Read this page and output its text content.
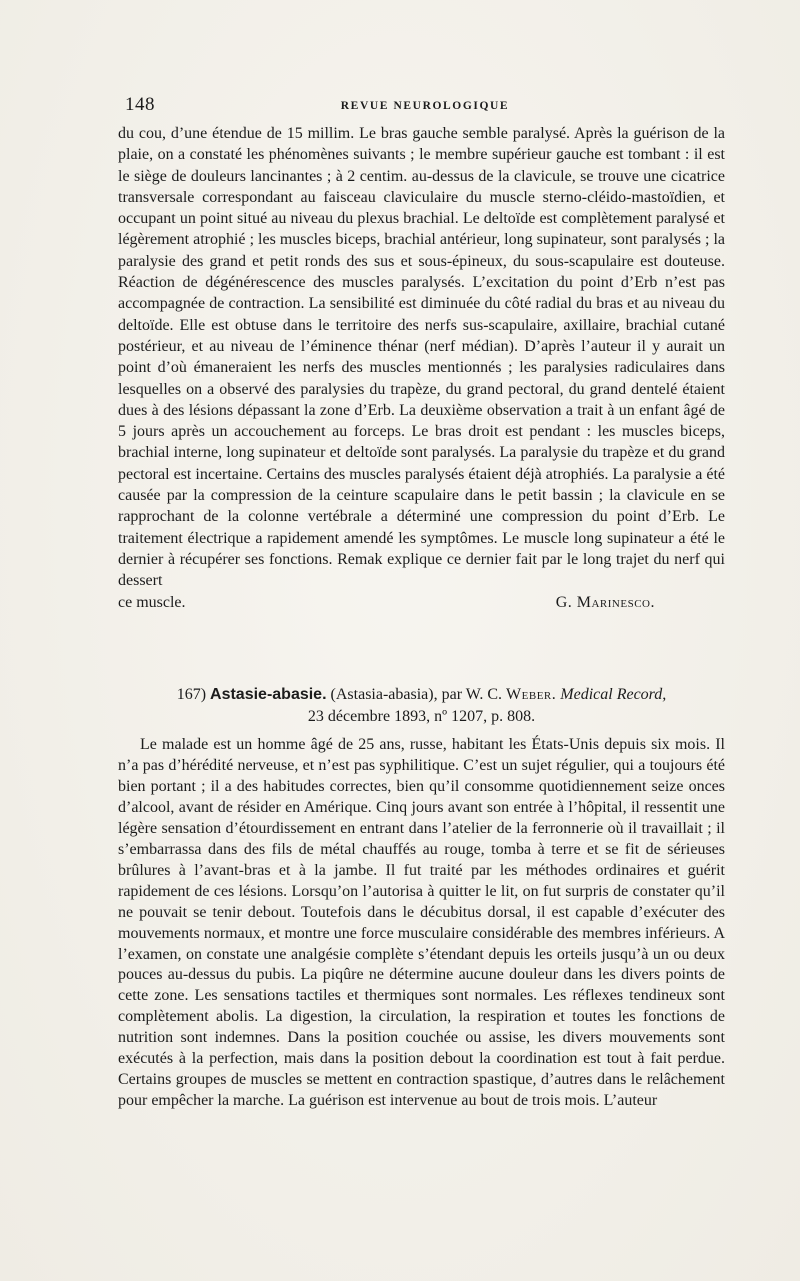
148	REVUE NEUROLOGIQUE

du cou, d’une étendue de 15 millim. Le bras gauche semble paralysé. Après la guérison de la plaie, on a constaté les phénomènes suivants ; le membre supérieur gauche est tombant : il est le siège de douleurs lancinantes ; à 2 centim. au-dessus de la clavicule, se trouve une cicatrice transversale correspondant au faisceau claviculaire du muscle sterno-cléido-mastoïdien, et occupant un point situé au niveau du plexus brachial. Le deltoïde est complètement paralysé et légèrement atrophié ; les muscles biceps, brachial antérieur, long supinateur, sont paralysés ; la paralysie des grand et petit ronds des sus et sous-épineux, du sous-scapulaire est douteuse. Réaction de dégénérescence des muscles paralysés. L’excitation du point d’Erb n’est pas accompagnée de contraction. La sensibilité est diminuée du côté radial du bras et au niveau du deltoïde. Elle est obtuse dans le territoire des nerfs sus-scapulaire, axillaire, brachial cutané postérieur, et au niveau de l’éminence thénar (nerf médian). D’après l’auteur il y aurait un point d’où émaneraient les nerfs des muscles mentionnés ; les paralysies radiculaires dans lesquelles on a observé des paralysies du trapèze, du grand pectoral, du grand dentelé étaient dues à des lésions dépassant la zone d’Erb. La deuxième observation a trait à un enfant âgé de 5 jours après un accouchement au forceps. Le bras droit est pendant : les muscles biceps, brachial interne, long supinateur et deltoïde sont paralysés. La paralysie du trapèze et du grand pectoral est incertaine. Certains des muscles paralysés étaient déjà atrophiés. La paralysie a été causée par la compression de la ceinture scapulaire dans le petit bassin ; la clavicule en se rapprochant de la colonne vertébrale a déterminé une compression du point d’Erb. Le traitement électrique a rapidement amendé les symptômes. Le muscle long supinateur a été le dernier à récupérer ses fonctions. Remak explique ce dernier fait par le long trajet du nerf qui dessert

ce muscle.	G. Marinesco.
167) Astasie-abasie. (Astasia-abasia), par W. C. Weber. Medical Record,
23 décembre 1893, nº 1207, p. 808.

Le malade est un homme âgé de 25 ans, russe, habitant les États-Unis depuis six mois. Il n’a pas d’hérédité nerveuse, et n’est pas syphilitique. C’est un sujet régulier, qui a toujours été bien portant ; il a des habitudes correctes, bien qu’il consomme quotidiennement seize onces d’alcool, avant de résider en Amérique. Cinq jours avant son entrée à l’hôpital, il ressentit une légère sensation d’étourdissement en entrant dans l’atelier de la ferronnerie où il travaillait ; il s’embarrassa dans des fils de métal chauffés au rouge, tomba à terre et se fit de sérieuses brûlures à l’avant-bras et à la jambe. Il fut traité par les méthodes ordinaires et guérit rapidement de ces lésions. Lorsqu’on l’autorisa à quitter le lit, on fut surpris de constater qu’il ne pouvait se tenir debout. Toutefois dans le décubitus dorsal, il est capable d’exécuter des mouvements normaux, et montre une force musculaire considérable des membres inférieurs. A l’examen, on constate une analgésie complète s’étendant depuis les orteils jusqu’à un ou deux pouces au-dessus du pubis. La piqûre ne détermine aucune douleur dans les divers points de cette zone. Les sensations tactiles et thermiques sont normales. Les réflexes tendineux sont complètement abolis. La digestion, la circulation, la respiration et toutes les fonctions de nutrition sont indemnes. Dans la position couchée ou assise, les divers mouvements sont exécutés à la perfection, mais dans la position debout la coordination est tout à fait perdue. Certains groupes de muscles se mettent en contraction spastique, d’autres dans le relâchement pour empêcher la marche. La guérison est intervenue au bout de trois mois. L’auteur
